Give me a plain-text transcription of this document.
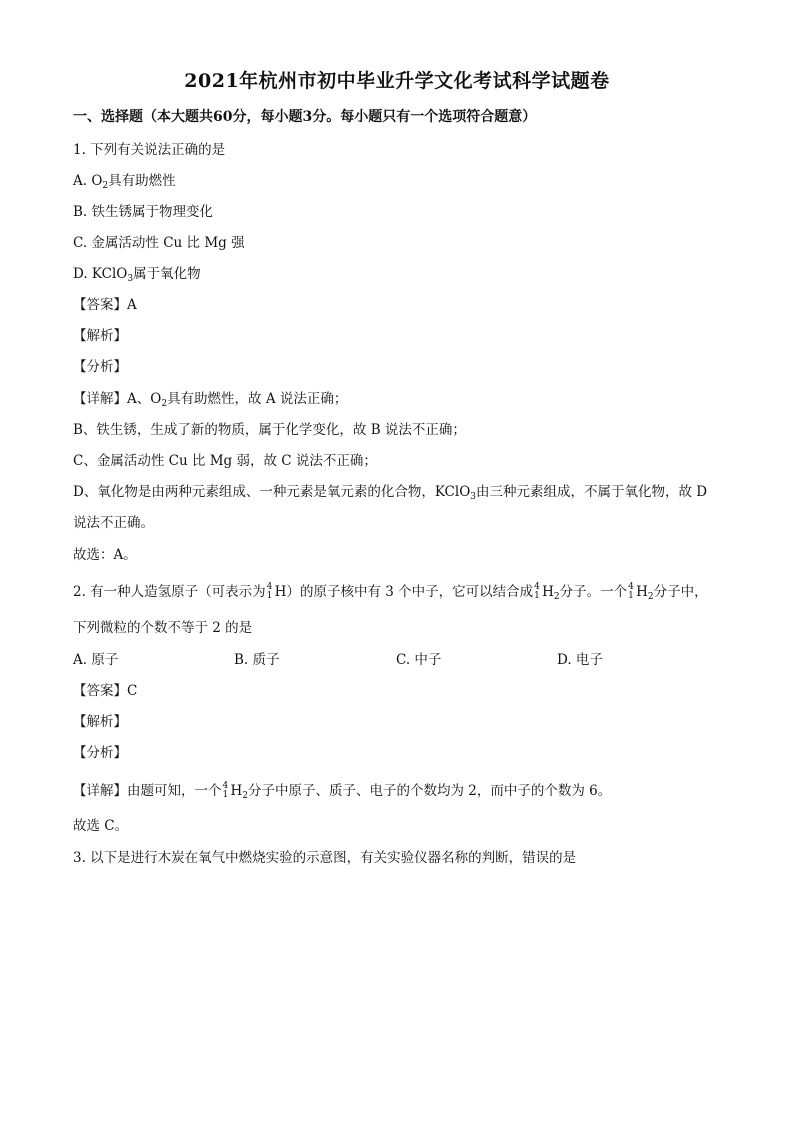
2021年杭州市初中毕业升学文化考试科学试题卷
一、选择题（本大题共60分，每小题3分。每小题只有一个选项符合题意）
1. 下列有关说法正确的是
A. $O_2$具有助燃性
B. 铁生锈属于物理变化
C. 金属活动性 Cu 比 Mg 强
D. KClO$_3$属于氧化物
【答案】A
【解析】
【分析】
【详解】A、$O_2$具有助燃性，故 A 说法正确；
B、铁生锈，生成了新的物质，属于化学变化，故 B 说法不正确；
C、金属活动性 Cu 比 Mg 弱，故 C 说法不正确；
D、氧化物是由两种元素组成、一种元素是氧元素的化合物，KClO$_3$由三种元素组成，不属于氧化物，故 D
说法不正确。
故选：A。
2. 有一种人造氢原子（可表示为 4
1 H）的原子核中有 3 个中子，它可以结合成 4
1 $H_2$分子。一个 4
1 $H_2$分子中，
下列微粒的个数不等于 2 的是
A. 原子	B. 质子	C. 中子	D. 电子
【答案】C
【解析】
【分析】
【详解】由题可知，一个 4
1 $H_2$分子中原子、质子、电子的个数均为 2，而中子的个数为 6。
故选 C。
3. 以下是进行木炭在氧气中燃烧实验的示意图，有关实验仪器名称的判断，错误的是
